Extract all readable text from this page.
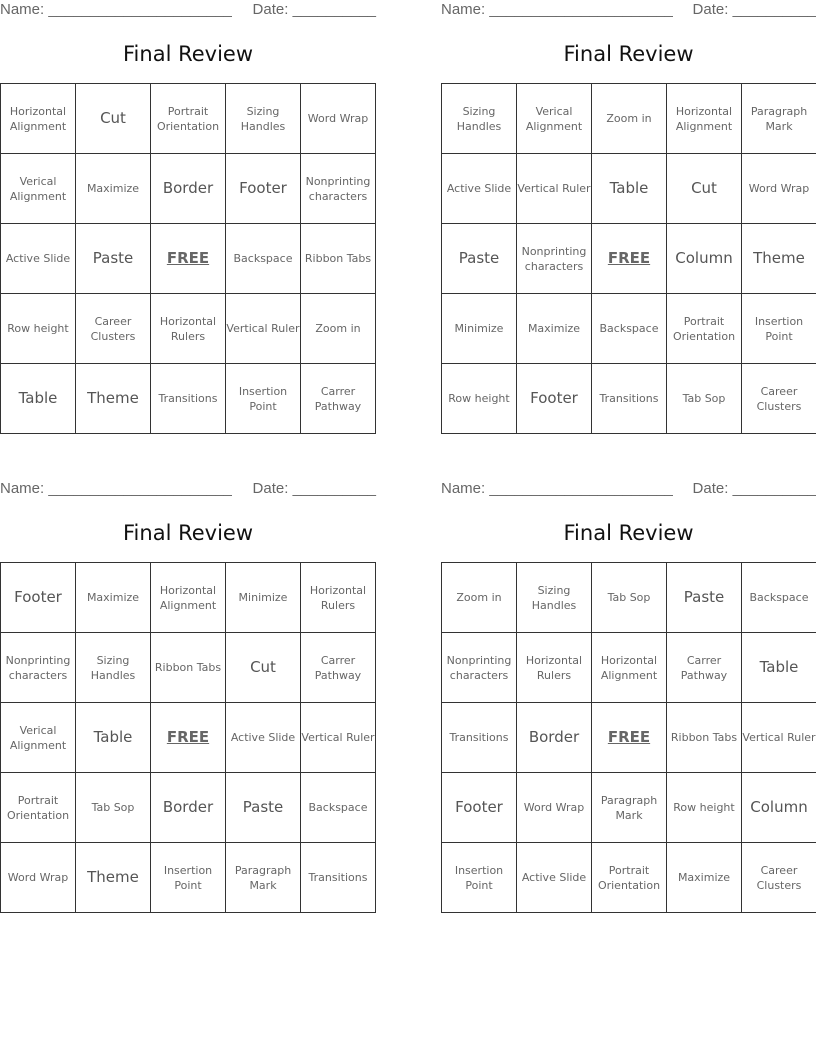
Name: ______________________ Date: __________
Final Review
Horizontal Alignment	Cut	Portrait Orientation	Sizing Handles	Word Wrap
Verical Alignment	Maximize	Border	Footer	Nonprinting characters
Active Slide	Paste	FREE	Backspace	Ribbon Tabs
Row height	Career Clusters	Horizontal Rulers	Vertical Ruler	Zoom in
Table	Theme	Transitions	Insertion Point	Carrer Pathway
Name: ______________________ Date: __________
Final Review
Sizing Handles	Verical Alignment	Zoom in	Horizontal Alignment	Paragraph Mark
Active Slide	Vertical Ruler	Table	Cut	Word Wrap
Paste	Nonprinting characters	FREE	Column	Theme
Minimize	Maximize	Backspace	Portrait Orientation	Insertion Point
Row height	Footer	Transitions	Tab Sop	Career Clusters
Name: ______________________ Date: __________
Final Review
Footer	Maximize	Horizontal Alignment	Minimize	Horizontal Rulers
Nonprinting characters	Sizing Handles	Ribbon Tabs	Cut	Carrer Pathway
Verical Alignment	Table	FREE	Active Slide	Vertical Ruler
Portrait Orientation	Tab Sop	Border	Paste	Backspace
Word Wrap	Theme	Insertion Point	Paragraph Mark	Transitions
Name: ______________________ Date: __________
Final Review
Zoom in	Sizing Handles	Tab Sop	Paste	Backspace
Nonprinting characters	Horizontal Rulers	Horizontal Alignment	Carrer Pathway	Table
Transitions	Border	FREE	Ribbon Tabs	Vertical Ruler
Footer	Word Wrap	Paragraph Mark	Row height	Column
Insertion Point	Active Slide	Portrait Orientation	Maximize	Career Clusters
